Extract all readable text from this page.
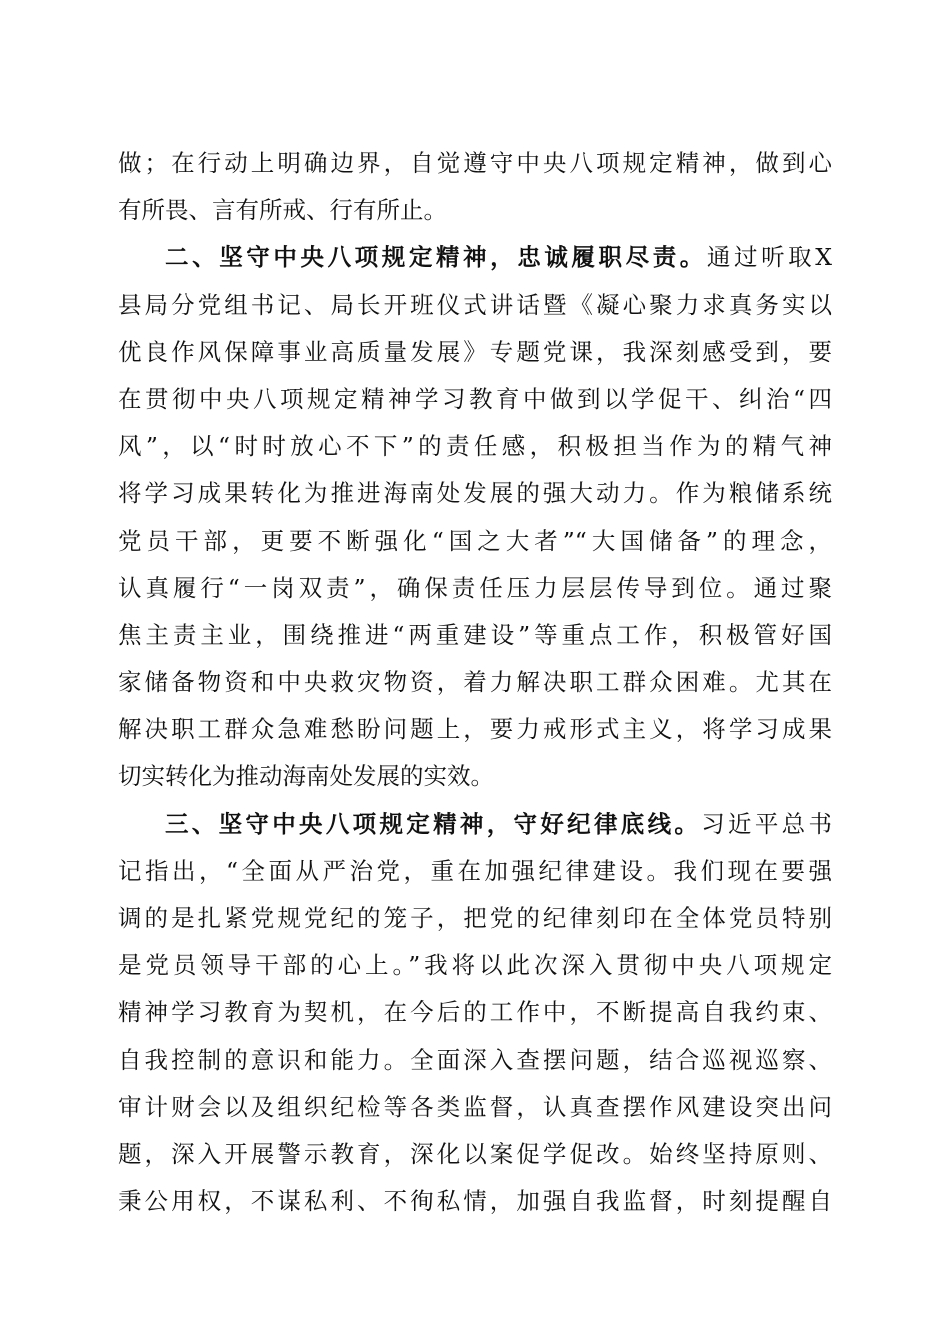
做；在行动上明确边界，自觉遵守中央八项规定精神，做到心
有所畏、言有所戒、行有所止。
二、坚守中央八项规定精神，忠诚履职尽责。通过听取X
县局分党组书记、局长开班仪式讲话暨《凝心聚力求真务实以
优良作风保障事业高质量发展》专题党课，我深刻感受到，要
在贯彻中央八项规定精神学习教育中做到以学促干、纠治“四
风”，以“时时放心不下”的责任感，积极担当作为的精气神
将学习成果转化为推进海南处发展的强大动力。作为粮储系统
党员干部，更要不断强化“国之大者”“大国储备”的理念，
认真履行“一岗双责”，确保责任压力层层传导到位。通过聚
焦主责主业，围绕推进“两重建设”等重点工作，积极管好国
家储备物资和中央救灾物资，着力解决职工群众困难。尤其在
解决职工群众急难愁盼问题上，要力戒形式主义，将学习成果
切实转化为推动海南处发展的实效。
三、坚守中央八项规定精神，守好纪律底线。习近平总书
记指出，“全面从严治党，重在加强纪律建设。我们现在要强
调的是扎紧党规党纪的笼子，把党的纪律刻印在全体党员特别
是党员领导干部的心上。”我将以此次深入贯彻中央八项规定
精神学习教育为契机，在今后的工作中，不断提高自我约束、
自我控制的意识和能力。全面深入查摆问题，结合巡视巡察、
审计财会以及组织纪检等各类监督，认真查摆作风建设突出问
题，深入开展警示教育，深化以案促学促改。始终坚持原则、
秉公用权，不谋私利、不徇私情，加强自我监督，时刻提醒自
